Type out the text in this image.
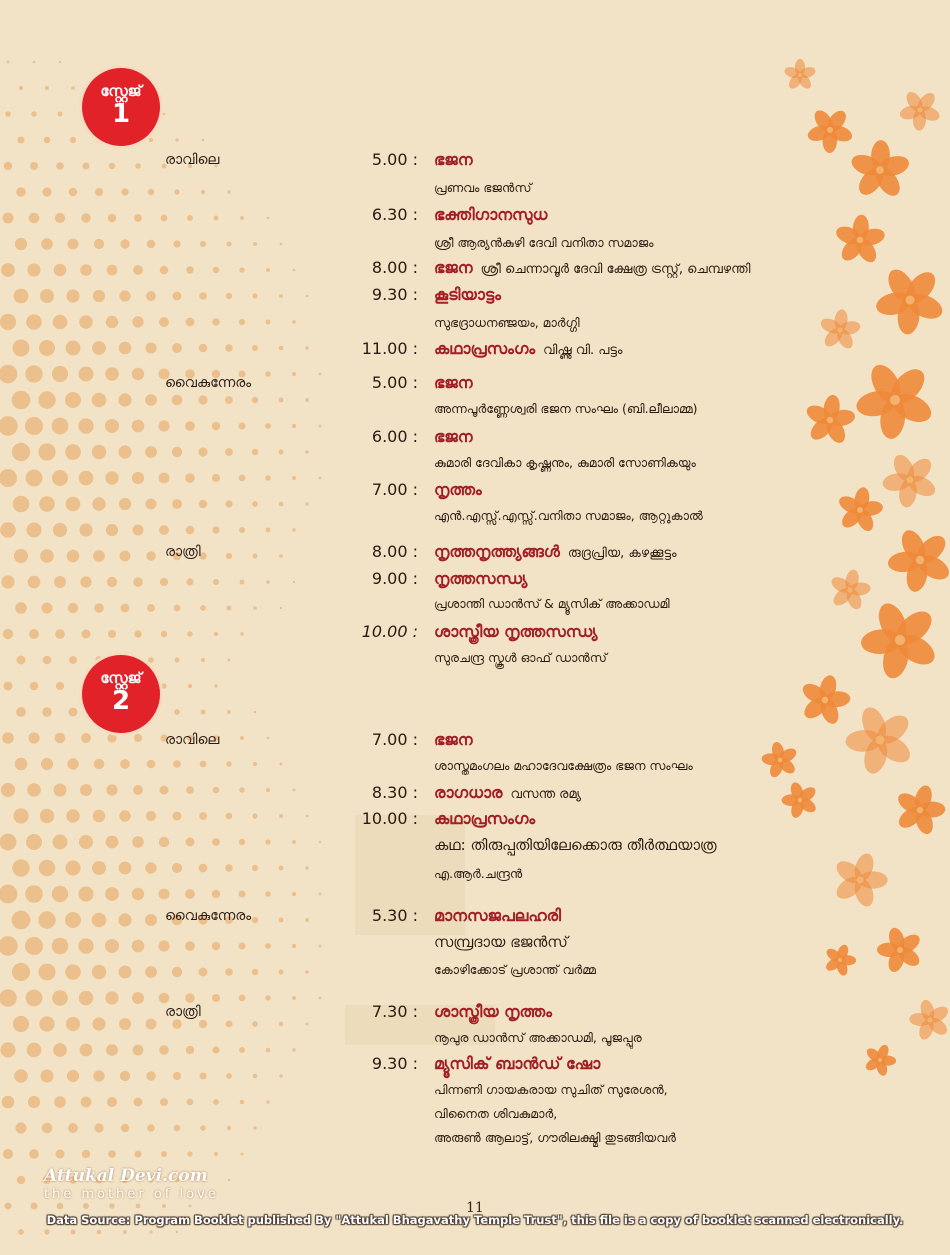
സ്റ്റേജ്
1
രാവിലെ	5.00 : ഭജന
പ്രണവം ഭജൻസ്
6.30 : ഭക്തിഗാനസുധ
ശ്രീ ആര്യൻകുഴി ദേവി വനിതാ സമാജം
8.00 : ഭജന ശ്രീ ചെന്നാവൂർ ദേവി ക്ഷേത്ര ട്രസ്റ്റ്, ചെമ്പഴന്തി
9.30 : കൂടിയാട്ടം
സുഭദ്രാധനഞ്ജയം, മാർഗ്ഗി
11.00 : കഥാപ്രസംഗം വിഷ്ണു വി. പട്ടം
വൈകുന്നേരം	5.00 : ഭജന
അന്നപൂർണ്ണേശ്വരി ഭജന സംഘം (ബി.ലീലാമ്മ)
6.00 : ഭജന
കുമാരി ദേവികാ കൃഷ്ണനും, കുമാരി സോണികയും
7.00 : നൃത്തം
എൻ.എസ്സ്.എസ്സ്.വനിതാ സമാജം, ആറ്റുകാൽ
രാത്രി	8.00 : നൃത്തനൃത്ത്യങ്ങൾ രുദ്രപ്രിയ, കഴക്കൂട്ടം
9.00 : നൃത്തസന്ധ്യ
പ്രശാന്തി ഡാൻസ് & മ്യൂസിക് അക്കാഡമി
10.00 : ശാസ്ത്രീയ നൃത്തസന്ധ്യ
സുരചന്ദ്ര സ്കൂൾ ഓഫ് ഡാൻസ്
സ്റ്റേജ്
2
രാവിലെ	7.00 : ഭജന
ശാസ്തമംഗലം മഹാദേവക്ഷേത്രം ഭജന സംഘം
8.30 : രാഗധാര വസന്ത രമ്യ
10.00 : കഥാപ്രസംഗം
കഥ: തിരുപ്പതിയിലേക്കൊരു തീർത്ഥയാത്ര
എ.ആർ.ചന്ദ്രൻ
വൈകുന്നേരം	5.30 : മാനസജപലഹരി
സമ്പ്രദായ ഭജൻസ്
കോഴിക്കോട് പ്രശാന്ത് വർമ്മ
രാത്രി	7.30 : ശാസ്ത്രീയ നൃത്തം
നൂപുര ഡാൻസ് അക്കാഡമി, പൂജപ്പുര
9.30 : മ്യൂസിക് ബാൻഡ് ഷോ
പിന്നണി ഗായകരായ സുചിത് സുരേശൻ,
വിനൈത ശിവകുമാർ,
അരുൺ ആലാട്ട്, ഗൗരിലക്ഷ്മി തുടങ്ങിയവർ
Attukal Devi.com
the mother of love
11
Data Source: Program Booklet published By "Attukal Bhagavathy Temple Trust", this file is a copy of booklet scanned electronically.
